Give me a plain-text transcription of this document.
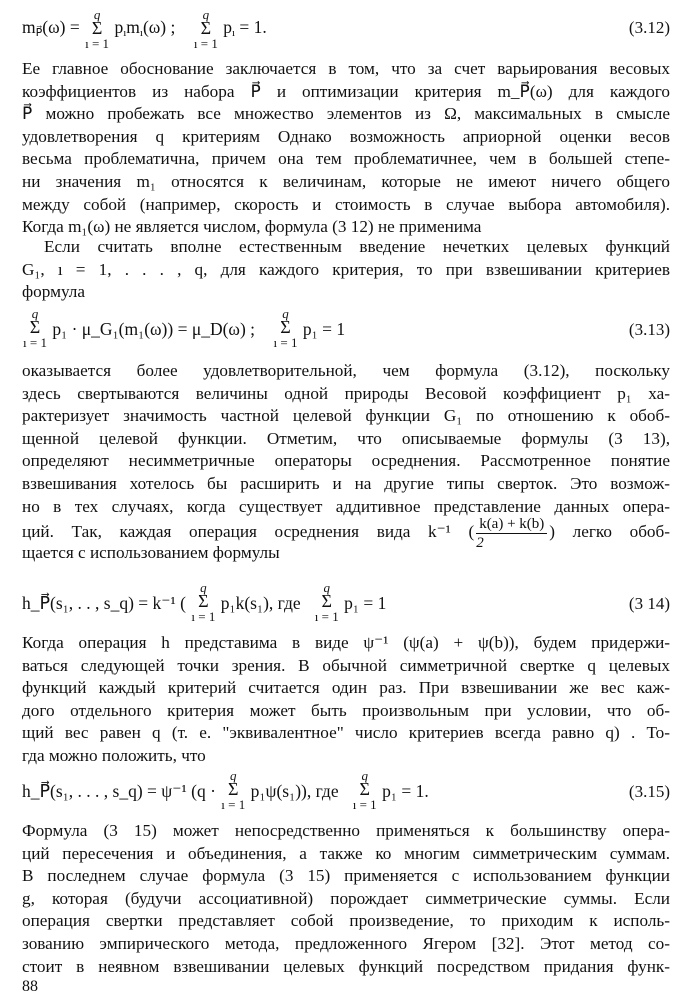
$m_{P⃗}(\omega)$ =
q
Σ
ı = 1
$p_ım_ı(\omega)$ ;
q
Σ
ı = 1
$p_ı = 1$.	(3.12)
Ее главное обоснование заключается в том, что за счет варьирования весовых
коэффициентов из набора P⃗ и оптимизации критерия m_P⃗(ω) для каждого
P⃗ можно пробежать все множество элементов из Ω, максимальных в смысле
удовлетворения q критериям Однако возможность априорной оценки весов
весьма проблематична, причем она тем проблематичнее, чем в большей степе-
ни значения m₁ относятся к величинам, которые не имеют ничего общего
между собой (например, скорость и стоимость в случае выбора автомобиля).
Когда m₁(ω) не является числом, формула (3 12) не применима
Если считать вполне естественным введение нечетких целевых функций
G₁, ı = 1, . . . , q, для каждого критерия, то при взвешивании критериев
формула
q
Σ
ı = 1
p₁ · μ_G₁(m₁(ω)) = μ_D(ω) ;
q
Σ
ı = 1
p₁ = 1	(3.13)
оказывается более удовлетворительной, чем формула (3.12), поскольку
здесь свертываются величины одной природы Весовой коэффициент p₁ ха-
рактеризует значимость частной целевой функции G₁ по отношению к обоб-
щенной целевой функции. Отметим, что описываемые формулы (3 13),
определяют несимметричные операторы осреднения. Рассмотренное понятие
взвешивания хотелось бы расширить и на другие типы сверток. Это возмож-
но в тех случаях, когда существует аддитивное представление данных опера-
ций. Так, каждая операция осреднения вида k⁻¹ ( $\frac{k(a) + k(b)}{2}$ ) легко обоб-
щается с использованием формулы
h_P⃗(s₁, . . , s_q) = k⁻¹ (
q
Σ
ı = 1
p₁k(s₁), где
q
Σ
ı = 1
p₁ = 1	(3 14)
Когда операция h представима в виде ψ⁻¹ (ψ(a) + ψ(b)), будем придержи-
ваться следующей точки зрения. В обычной симметричной свертке q целевых
функций каждый критерий считается один раз. При взвешивании же вес каж-
дого отдельного критерия может быть произвольным при условии, что об-
щий вес равен q (т. е. "эквивалентное" число критериев всегда равно q) . То-
гда можно положить, что
h_P⃗(s₁, . . . , s_q) = ψ⁻¹ (q ·
q
Σ
ı = 1
p₁ψ(s₁)), где
q
Σ
ı = 1
p₁ = 1.	(3.15)
Формула (3 15) может непосредственно применяться к большинству опера-
ций пересечения и объединения, а также ко многим симметрическим суммам.
В последнем случае формула (3 15) применяется с использованием функции
g, которая (будучи ассоциативной) порождает симметрические суммы. Если
операция свертки представляет собой произведение, то приходим к исполь-
зованию эмпирического метода, предложенного Ягером [32]. Этот метод со-
стоит в неявном взвешивании целевых функций посредством придания функ-
88
